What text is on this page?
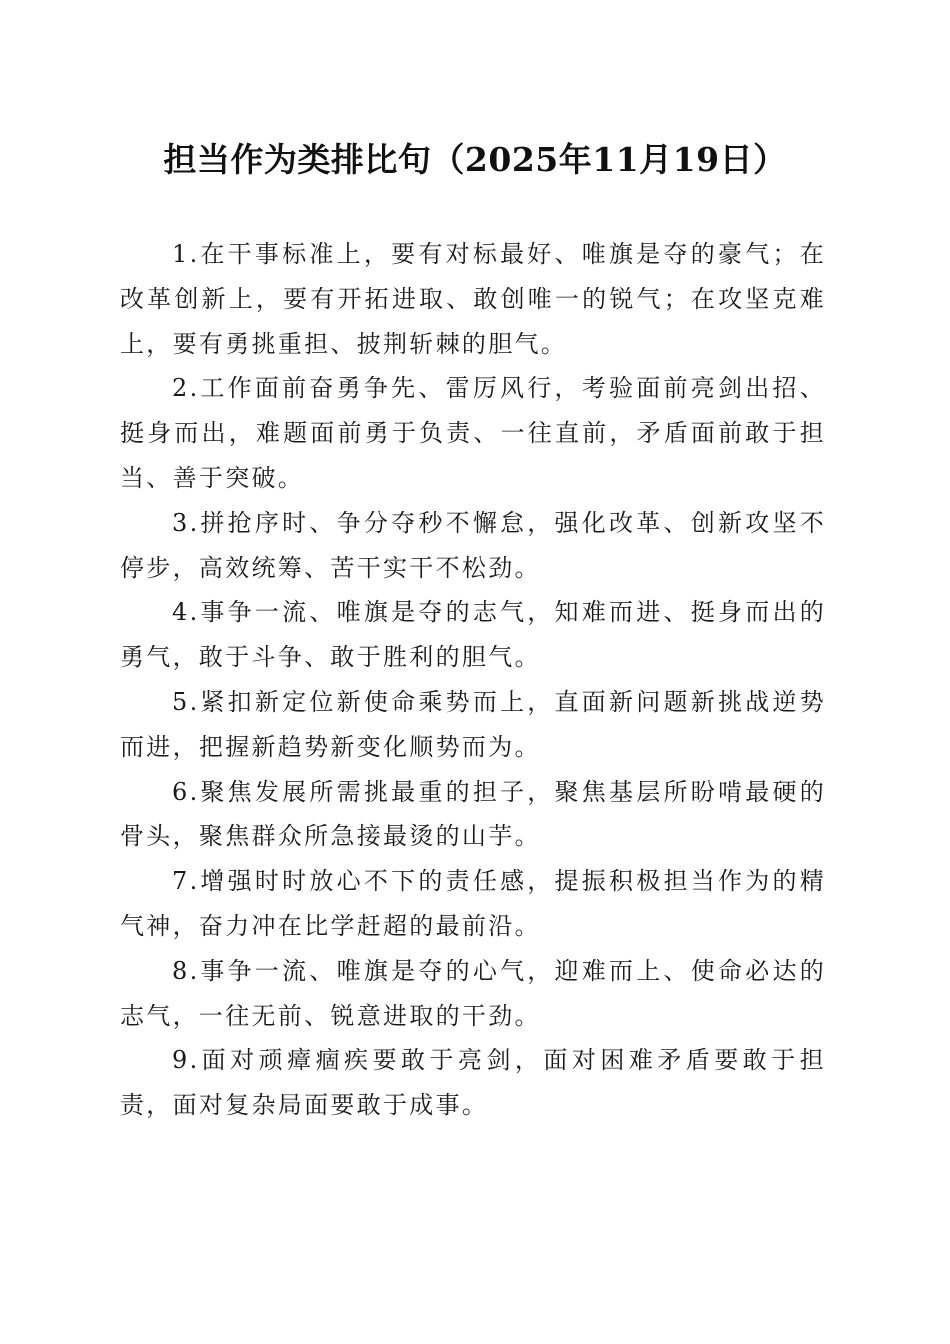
担当作为类排比句（2025年11月19日）

1.在干事标准上，要有对标最好、唯旗是夺的豪气；在改革创新上，要有开拓进取、敢创唯一的锐气；在攻坚克难上，要有勇挑重担、披荆斩棘的胆气。

2.工作面前奋勇争先、雷厉风行，考验面前亮剑出招、挺身而出，难题面前勇于负责、一往直前，矛盾面前敢于担当、善于突破。

3.拼抢序时、争分夺秒不懈怠，强化改革、创新攻坚不停步，高效统筹、苦干实干不松劲。

4.事争一流、唯旗是夺的志气，知难而进、挺身而出的勇气，敢于斗争、敢于胜利的胆气。

5.紧扣新定位新使命乘势而上，直面新问题新挑战逆势而进，把握新趋势新变化顺势而为。

6.聚焦发展所需挑最重的担子，聚焦基层所盼啃最硬的骨头，聚焦群众所急接最烫的山芋。

7.增强时时放心不下的责任感，提振积极担当作为的精气神，奋力冲在比学赶超的最前沿。

8.事争一流、唯旗是夺的心气，迎难而上、使命必达的志气，一往无前、锐意进取的干劲。

9.面对顽瘴痼疾要敢于亮剑，面对困难矛盾要敢于担责，面对复杂局面要敢于成事。
